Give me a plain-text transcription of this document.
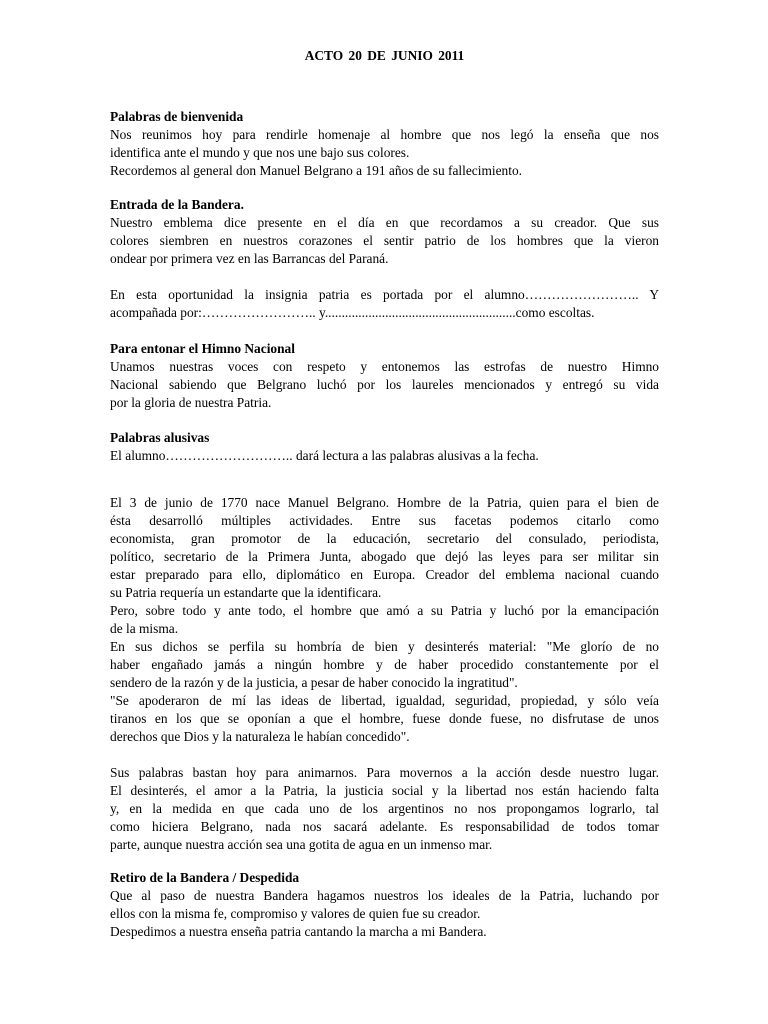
ACTO 20 DE JUNIO 2011
Palabras de bienvenida
Nos reunimos hoy para rendirle homenaje al hombre que nos legó la enseña que nos
identifica ante el mundo y que nos une bajo sus colores.
Recordemos al general don Manuel Belgrano a 191 años de su fallecimiento.
Entrada de la Bandera.
Nuestro emblema dice presente en el día en que recordamos a su creador. Que sus
colores siembren en nuestros corazones el sentir patrio de los hombres que la vieron
ondear por primera vez en las Barrancas del Paraná.
En esta oportunidad la insignia patria es portada por el alumno…………………….. Y
acompañada por:…………………….. y.........................................................como escoltas.
Para entonar el Himno Nacional
Unamos nuestras voces con respeto y entonemos las estrofas de nuestro Himno
Nacional sabiendo que Belgrano luchó por los laureles mencionados y entregó su vida
por la gloria de nuestra Patria.
Palabras alusivas
El alumno……………………….. dará lectura a las palabras alusivas a la fecha.
El 3 de junio de 1770 nace Manuel Belgrano. Hombre de la Patria, quien para el bien de
ésta desarrolló múltiples actividades. Entre sus facetas podemos citarlo como
economista, gran promotor de la educación, secretario del consulado, periodista,
político, secretario de la Primera Junta, abogado que dejó las leyes para ser militar sin
estar preparado para ello, diplomático en Europa. Creador del emblema nacional cuando
su Patria requería un estandarte que la identificara.
Pero, sobre todo y ante todo, el hombre que amó a su Patria y luchó por la emancipación
de la misma.
En sus dichos se perfila su hombría de bien y desinterés material: "Me glorío de no
haber engañado jamás a ningún hombre y de haber procedido constantemente por el
sendero de la razón y de la justicia, a pesar de haber conocido la ingratitud".
"Se apoderaron de mí las ideas de libertad, igualdad, seguridad, propiedad, y sólo veía
tiranos en los que se oponían a que el hombre, fuese donde fuese, no disfrutase de unos
derechos que Dios y la naturaleza le habían concedido".
Sus palabras bastan hoy para animarnos. Para movernos a la acción desde nuestro lugar.
El desinterés, el amor a la Patria, la justicia social y la libertad nos están haciendo falta
y, en la medida en que cada uno de los argentinos no nos propongamos lograrlo, tal
como hiciera Belgrano, nada nos sacará adelante. Es responsabilidad de todos tomar
parte, aunque nuestra acción sea una gotita de agua en un inmenso mar.
Retiro de la Bandera / Despedida
Que al paso de nuestra Bandera hagamos nuestros los ideales de la Patria, luchando por
ellos con la misma fe, compromiso y valores de quien fue su creador.
Despedimos a nuestra enseña patria cantando la marcha a mi Bandera.
